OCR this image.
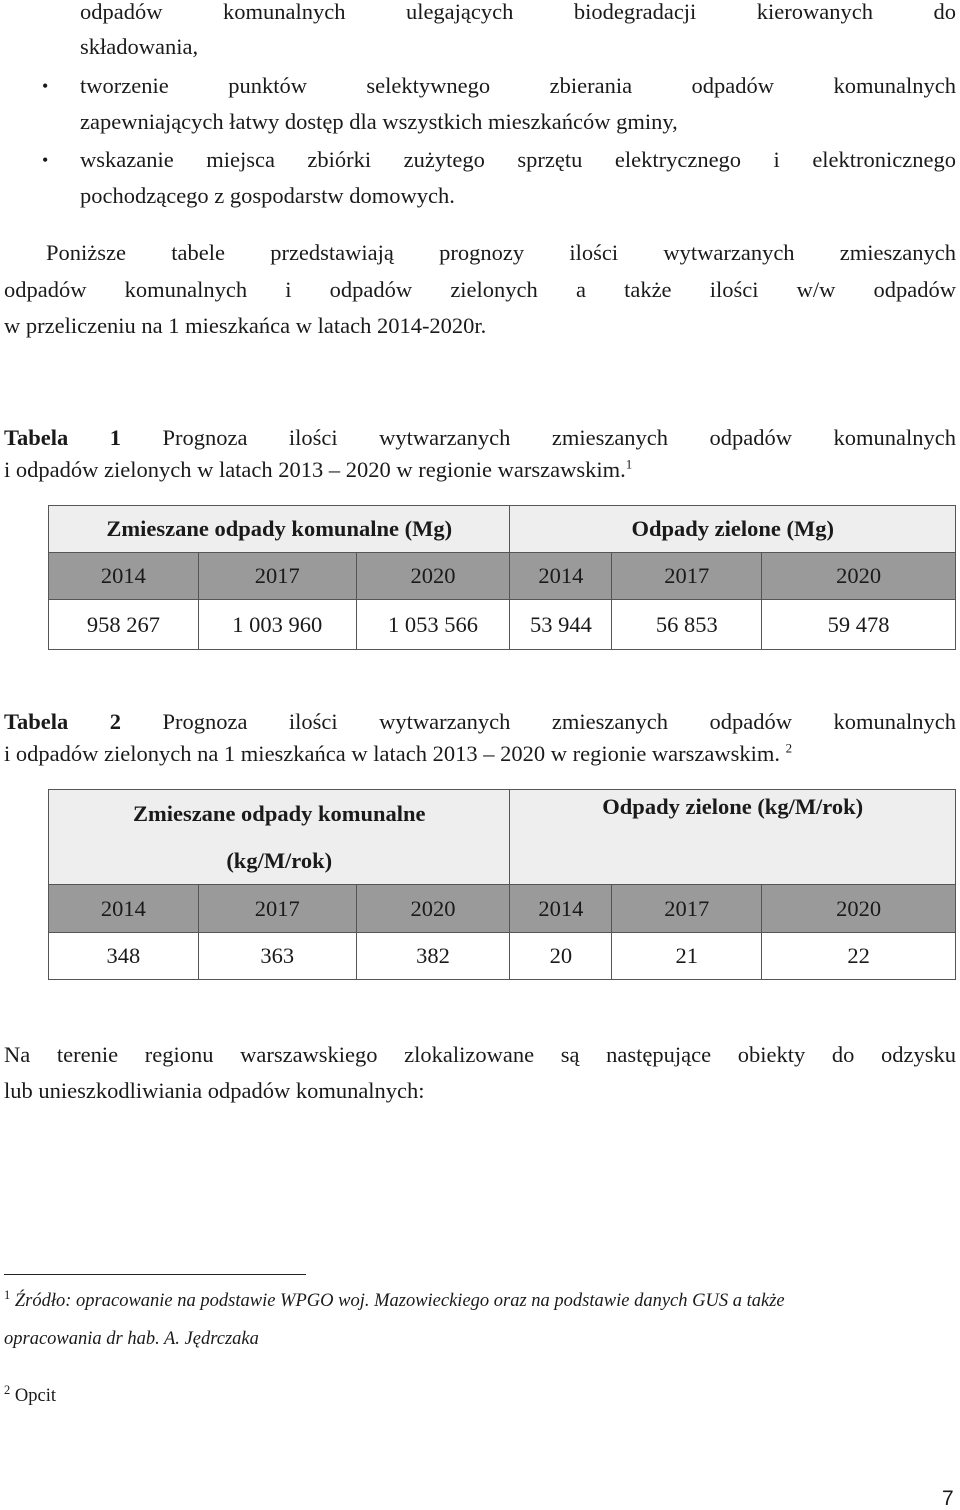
odpadów komunalnych ulegających biodegradacji kierowanych do
składowania,
• tworzenie punktów selektywnego zbierania odpadów komunalnych
zapewniających łatwy dostęp dla wszystkich mieszkańców gminy,
• wskazanie miejsca zbiórki zużytego sprzętu elektrycznego i elektronicznego
pochodzącego z gospodarstw domowych.
Poniższe tabele przedstawiają prognozy ilości wytwarzanych zmieszanych
odpadów komunalnych i odpadów zielonych a także ilości w/w odpadów
w przeliczeniu na 1 mieszkańca w latach 2014-2020r.
Tabela 1 Prognoza ilości wytwarzanych zmieszanych odpadów komunalnych
i odpadów zielonych w latach 2013 – 2020 w regionie warszawskim.$^1$
Zmieszane odpady komunalne (Mg)			Odpady zielone (Mg)		
2014	2017	2020	2014	2017	2020
958 267	1 003 960	1 053 566	53 944	56 853	59 478
Tabela 2 Prognoza ilości wytwarzanych zmieszanych odpadów komunalnych
i odpadów zielonych na 1 mieszkańca w latach 2013 – 2020 w regionie warszawskim. $^2$
Zmieszane odpady komunalne
(kg/M/rok)			Odpady zielone (kg/M/rok)		
2014	2017	2020	2014	2017	2020
348	363	382	20	21	22
Na terenie regionu warszawskiego zlokalizowane są następujące obiekty do odzysku
lub unieszkodliwiania odpadów komunalnych:
$^1$ Źródło: opracowanie na podstawie WPGO woj. Mazowieckiego oraz na podstawie danych GUS a także
opracowania dr hab. A. Jędrczaka
$^2$ Opcit
7
